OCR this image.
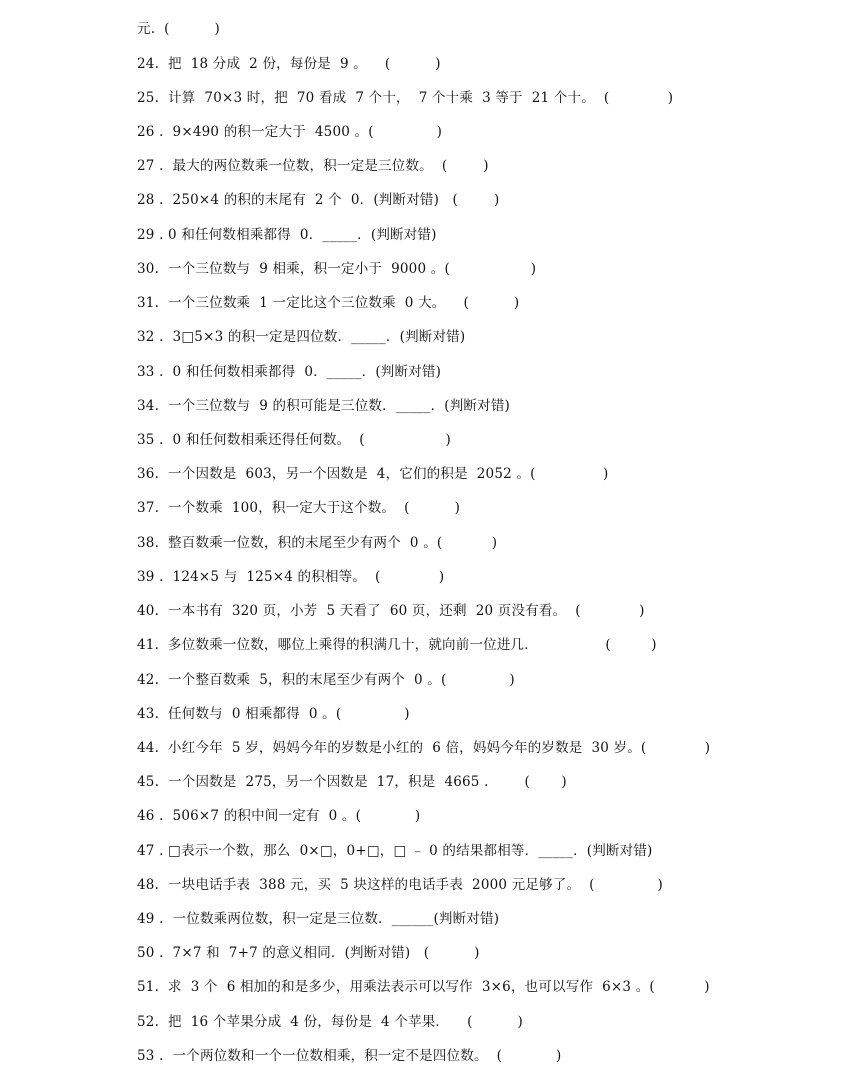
元.  (          )
24.  把  18 分成  2 份，每份是  9 。    (          )
25.  计算  70×3 时，把  70 看成  7 个十，  7 个十乘  3 等于  21 个十。  (             )
26 .  9×490 的积一定大于  4500 。(              )
27 .  最大的两位数乘一位数，积一定是三位数。  (        )
28 .  250×4 的积的末尾有  2 个  0．(判断对错)   (        )
29 . 0 和任何数相乘都得  0．_____．(判断对错)
30.  一个三位数与  9 相乘，积一定小于  9000 。(                  )
31.  一个三位数乘  1 一定比这个三位数乘  0 大。    (          )
32 .  3□5×3 的积一定是四位数．_____．(判断对错)
33 .  0 和任何数相乘都得  0．_____．(判断对错)
34.  一个三位数与  9 的积可能是三位数．_____．(判断对错)
35 .  0 和任何数相乘还得任何数。  (                  )
36.  一个因数是  603，另一个因数是  4，它们的积是  2052 。(               )
37.  一个数乘  100，积一定大于这个数。  (          )
38.  整百数乘一位数，积的末尾至少有两个  0 。(           )
39 .  124×5 与  125×4 的积相等。  (             )
40.  一本书有  320 页，小芳  5 天看了  60 页，还剩  20 页没有看。  (             )
41.  多位数乘一位数，哪位上乘得的积满几十，就向前一位进几．               (         )
42.  一个整百数乘  5，积的末尾至少有两个  0 。(              )
43.  任何数与  0 相乘都得  0 。(              )
44.  小红今年  5 岁，妈妈今年的岁数是小红的  6 倍，妈妈今年的岁数是  30 岁。(             )
45.  一个因数是  275，另一个因数是  17，积是  4665 .        (       )
46 .  506×7 的积中间一定有  0 。(            )
47 . □表示一个数，那么  0×□，0+□，□ ﹣ 0 的结果都相等．_____．(判断对错)
48.  一块电话手表  388 元，买  5 块这样的电话手表  2000 元足够了。  (              )
49 .  一位数乘两位数，积一定是三位数．______(判断对错)
50 .  7×7 和  7+7 的意义相同．(判断对错)   (          )
51.  求  3 个  6 相加的和是多少，用乘法表示可以写作  3×6，也可以写作  6×3 。(           )
52.  把  16 个苹果分成  4 份，每份是  4 个苹果．    (          )
53 .  一个两位数和一个一位数相乘，积一定不是四位数。  (            )
